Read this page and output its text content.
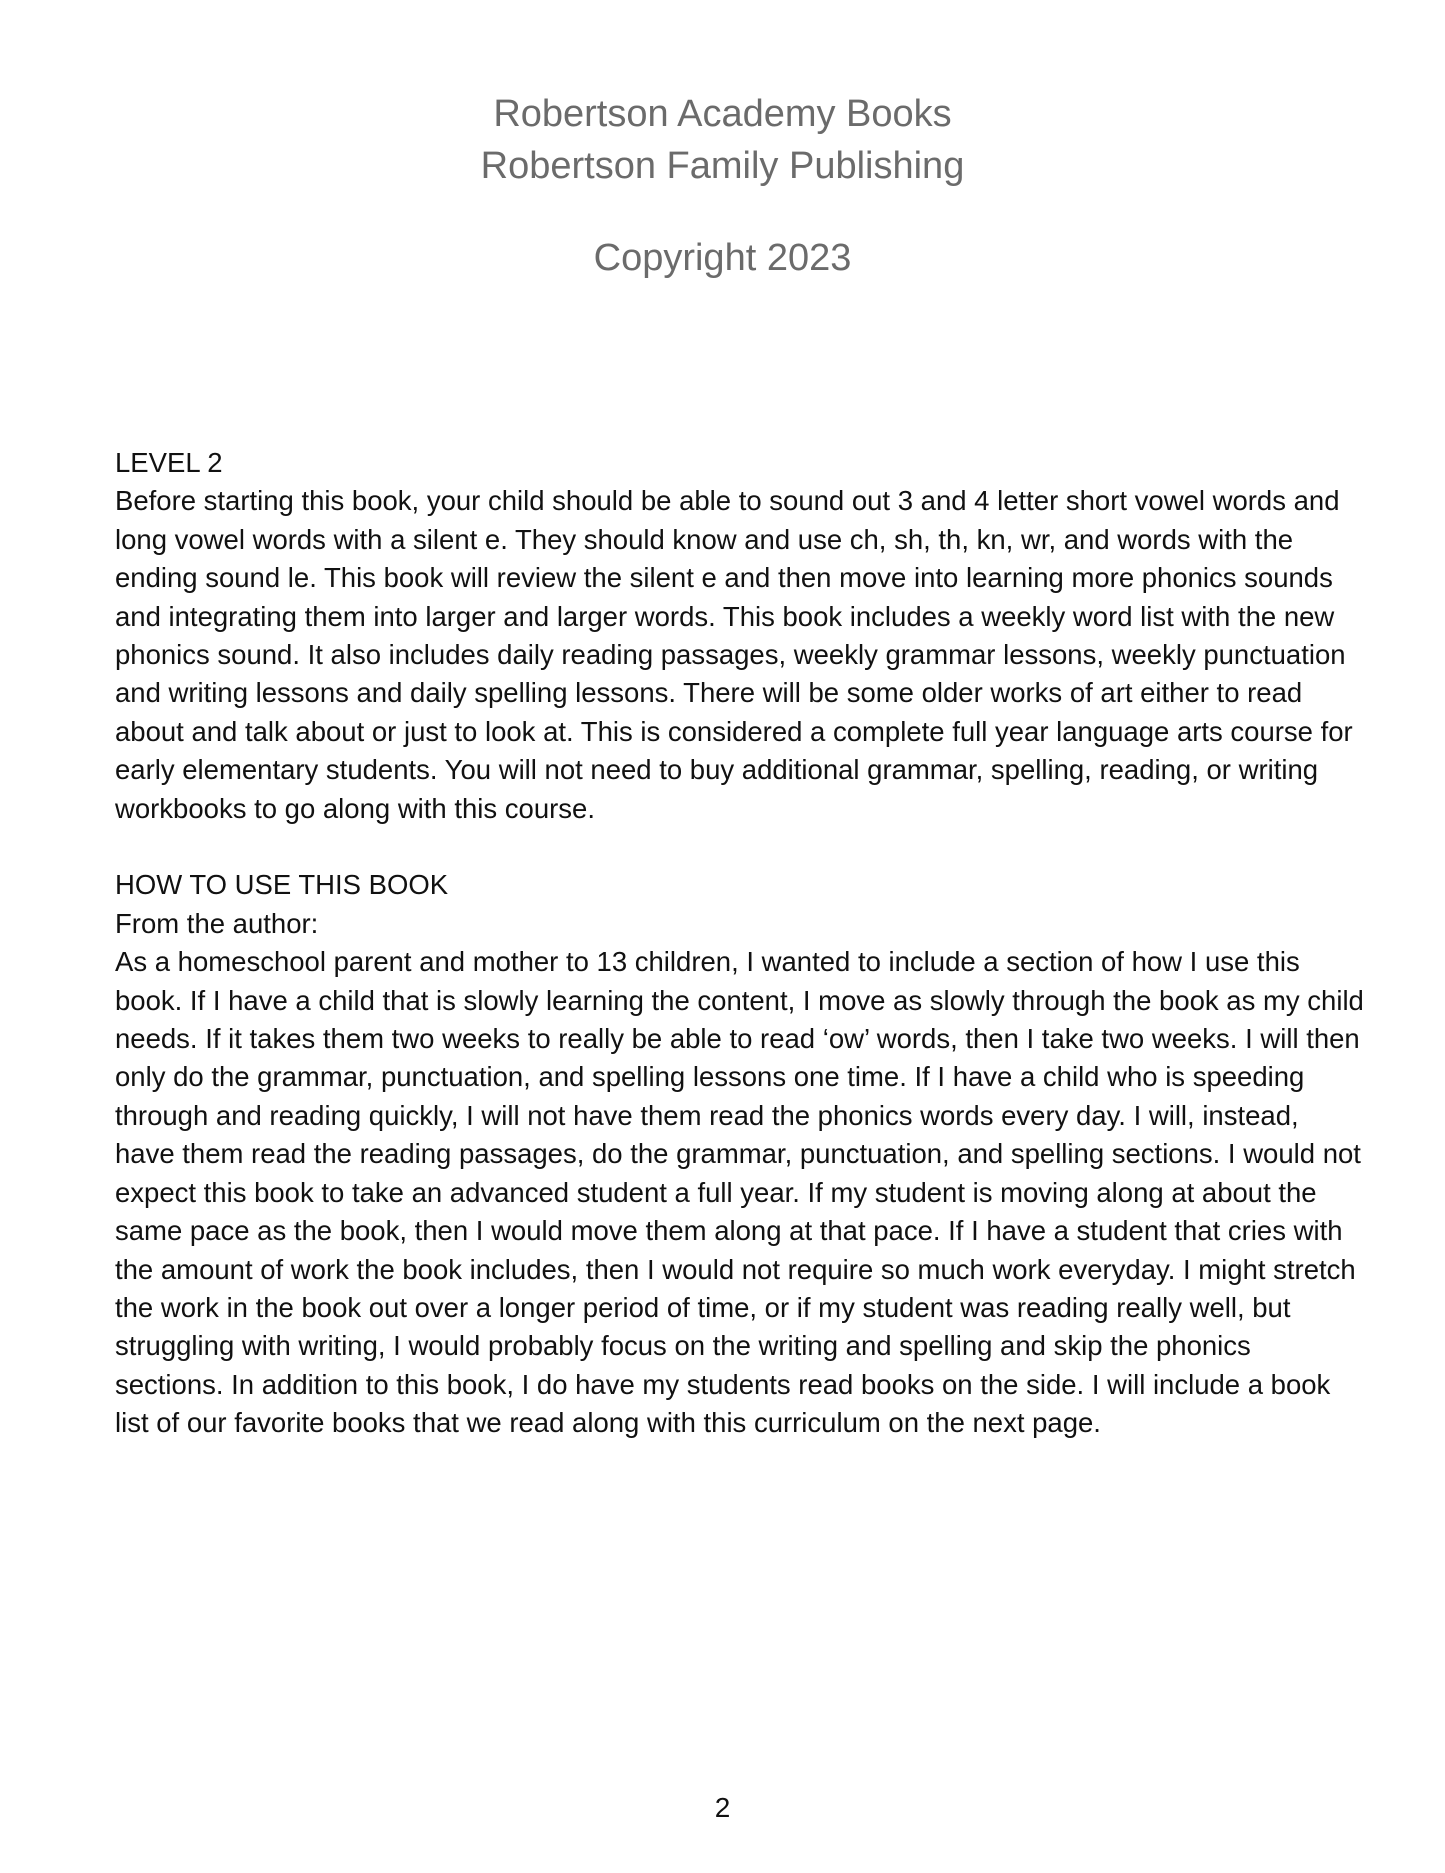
Robertson Academy Books
Robertson Family Publishing
Copyright 2023

LEVEL 2

Before starting this book, your child should be able to sound out 3 and 4 letter short vowel words and long vowel words with a silent e. They should know and use ch, sh, th, kn, wr, and words with the ending sound le. This book will review the silent e and then move into learning more phonics sounds and integrating them into larger and larger words. This book includes a weekly word list with the new phonics sound. It also includes daily reading passages, weekly grammar lessons, weekly punctuation and writing lessons and daily spelling lessons. There will be some older works of art either to read about and talk about or just to look at. This is considered a complete full year language arts course for early elementary students. You will not need to buy additional grammar, spelling, reading, or writing workbooks to go along with this course.

HOW TO USE THIS BOOK

From the author:

As a homeschool parent and mother to 13 children, I wanted to include a section of how I use this book. If I have a child that is slowly learning the content, I move as slowly through the book as my child needs. If it takes them two weeks to really be able to read ‘ow’ words, then I take two weeks. I will then only do the grammar, punctuation, and spelling lessons one time. If I have a child who is speeding through and reading quickly, I will not have them read the phonics words every day. I will, instead, have them read the reading passages, do the grammar, punctuation, and spelling sections. I would not expect this book to take an advanced student a full year. If my student is moving along at about the same pace as the book, then I would move them along at that pace. If I have a student that cries with the amount of work the book includes, then I would not require so much work everyday. I might stretch the work in the book out over a longer period of time, or if my student was reading really well, but struggling with writing, I would probably focus on the writing and spelling and skip the phonics sections. In addition to this book, I do have my students read books on the side. I will include a book list of our favorite books that we read along with this curriculum on the next page.

2
